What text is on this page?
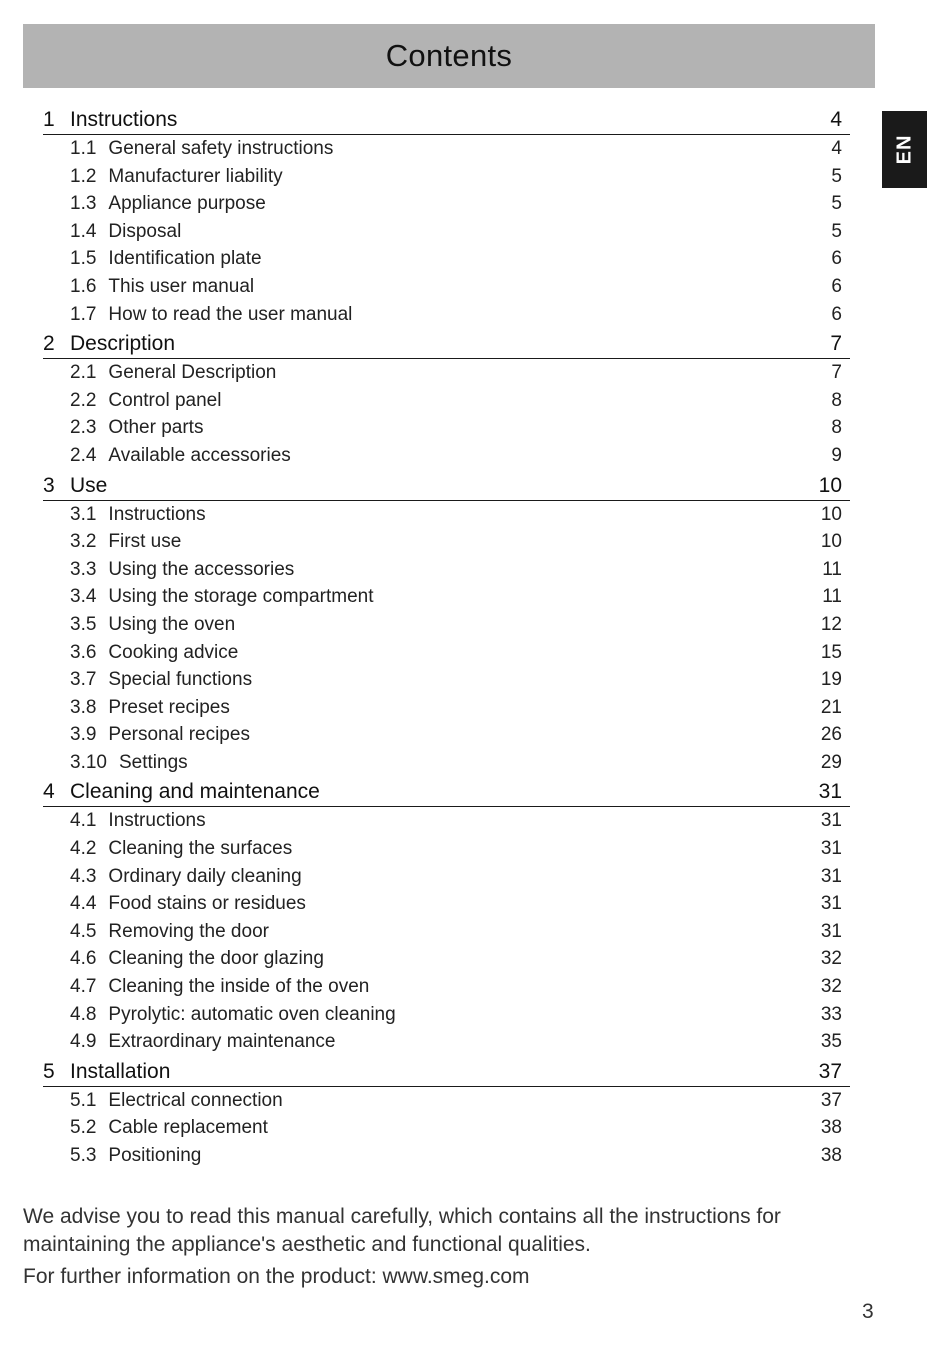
Contents
EN
1 Instructions	4
1.1 General safety instructions	4
1.2 Manufacturer liability	5
1.3 Appliance purpose	5
1.4 Disposal	5
1.5 Identification plate	6
1.6 This user manual	6
1.7 How to read the user manual	6
2 Description	7
2.1 General Description	7
2.2 Control panel	8
2.3 Other parts	8
2.4 Available accessories	9
3 Use	10
3.1 Instructions	10
3.2 First use	10
3.3 Using the accessories	11
3.4 Using the storage compartment	11
3.5 Using the oven	12
3.6 Cooking advice	15
3.7 Special functions	19
3.8 Preset recipes	21
3.9 Personal recipes	26
3.10 Settings	29
4 Cleaning and maintenance	31
4.1 Instructions	31
4.2 Cleaning the surfaces	31
4.3 Ordinary daily cleaning	31
4.4 Food stains or residues	31
4.5 Removing the door	31
4.6 Cleaning the door glazing	32
4.7 Cleaning the inside of the oven	32
4.8 Pyrolytic: automatic oven cleaning	33
4.9 Extraordinary maintenance	35
5 Installation	37
5.1 Electrical connection	37
5.2 Cable replacement	38
5.3 Positioning	38

We advise you to read this manual carefully, which contains all the instructions for maintaining the appliance's aesthetic and functional qualities.

For further information on the product: www.smeg.com

3
